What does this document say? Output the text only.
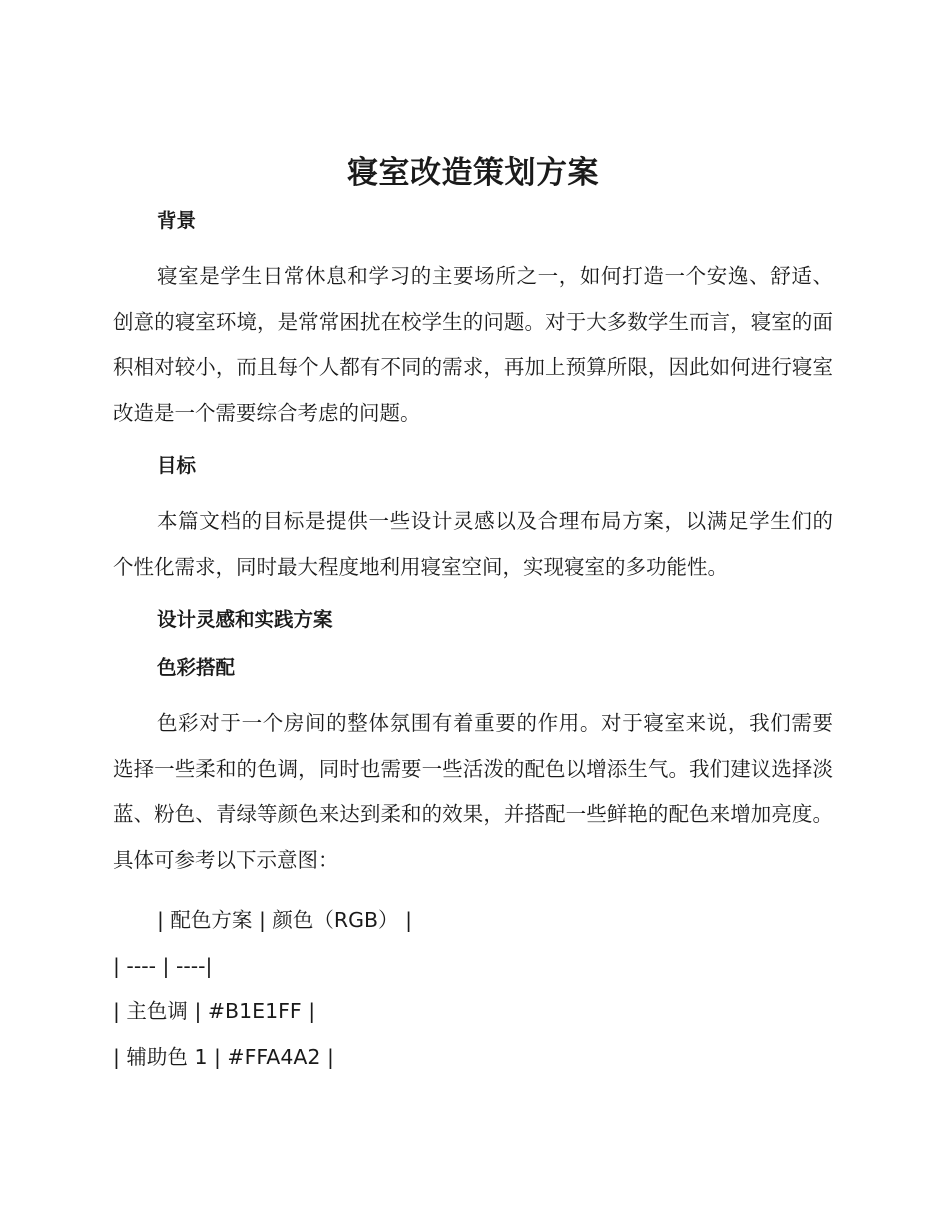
寝室改造策划方案
背景

寝室是学生日常休息和学习的主要场所之一，如何打造一个安逸、舒适、创意的寝室环境，是常常困扰在校学生的问题。对于大多数学生而言，寝室的面积相对较小，而且每个人都有不同的需求，再加上预算所限，因此如何进行寝室改造是一个需要综合考虑的问题。

目标

本篇文档的目标是提供一些设计灵感以及合理布局方案，以满足学生们的个性化需求，同时最大程度地利用寝室空间，实现寝室的多功能性。

设计灵感和实践方案
色彩搭配

色彩对于一个房间的整体氛围有着重要的作用。对于寝室来说，我们需要选择一些柔和的色调，同时也需要一些活泼的配色以增添生气。我们建议选择淡蓝、粉色、青绿等颜色来达到柔和的效果，并搭配一些鲜艳的配色来增加亮度。具体可参考以下示意图：

| 配色方案 | 颜色（RGB） |

| ---- | ----|

| 主色调 | #B1E1FF |

| 辅助色 1 | #FFA4A2 |
